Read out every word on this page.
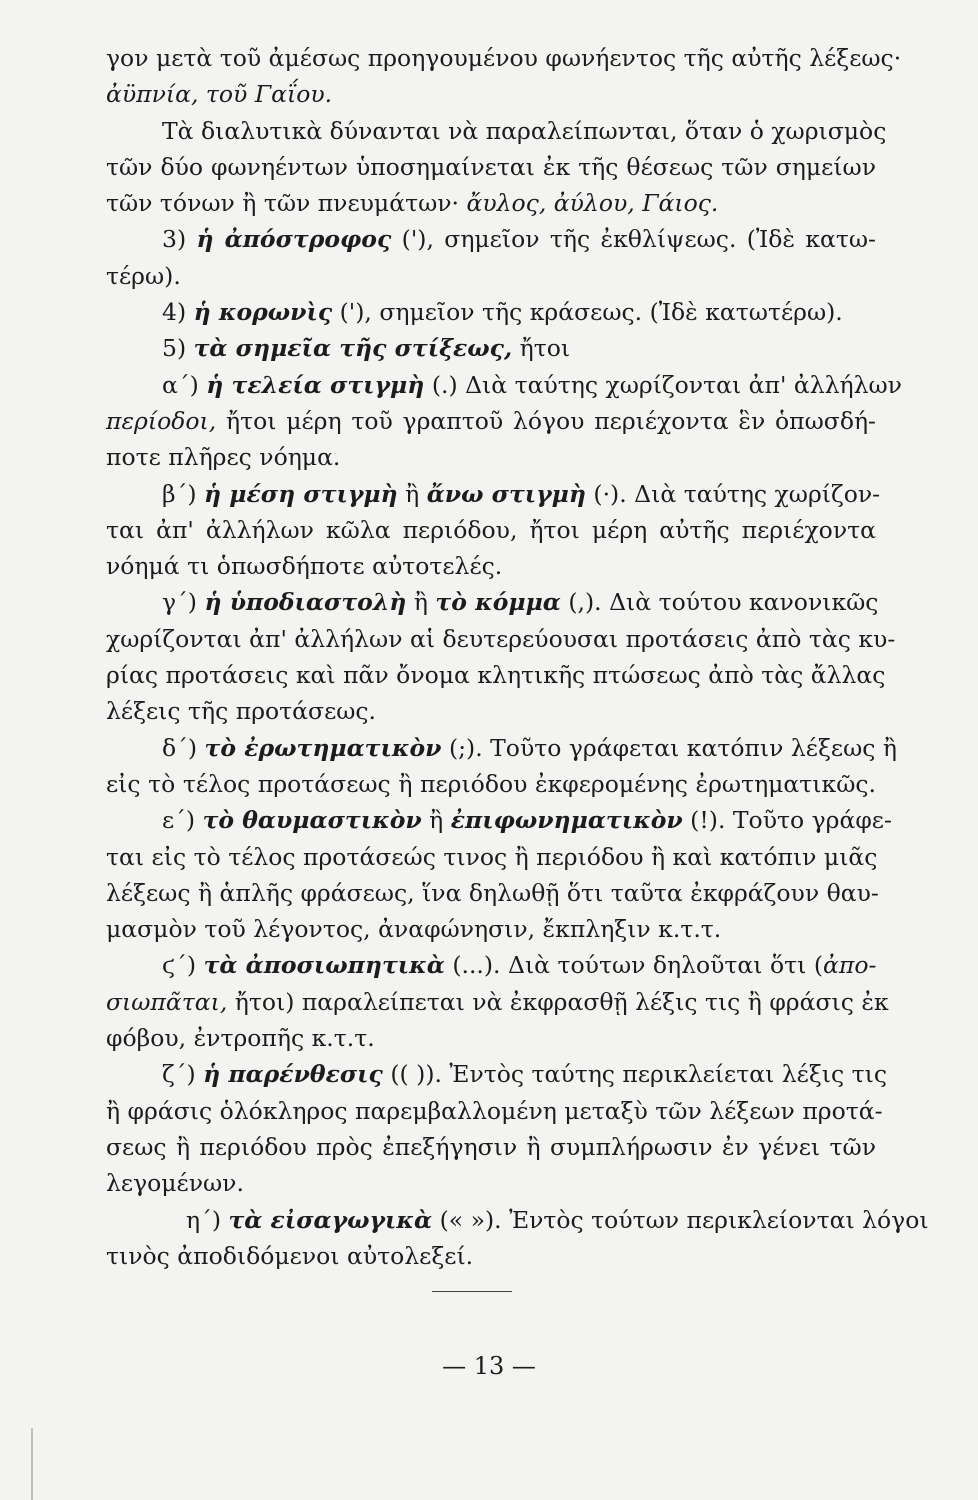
γον μετὰ τοῦ ἀμέσως προηγουμένου φωνήεντος τῆς αὐτῆς λέξεως·
ἀϋπνία, τοῦ Γαΐου.
Τὰ διαλυτικὰ δύνανται νὰ παραλείπωνται, ὅταν ὁ χωρισμὸς
τῶν δύο φωνηέντων ὑποσημαίνεται ἐκ τῆς θέσεως τῶν σημείων
τῶν τόνων ἢ τῶν πνευμάτων· ἄυλος, ἀύλου, Γάιος.
3) ἡ ἀπόστροφος ('), σημεῖον τῆς ἐκθλίψεως. (Ἰδὲ κατω-
τέρω).
4) ἡ κορωνὶς ('), σημεῖον τῆς κράσεως. (Ἰδὲ κατωτέρω).
5) τὰ σημεῖα τῆς στίξεως, ἤτοι
α΄) ἡ τελεία στιγμὴ (.) Διὰ ταύτης χωρίζονται ἀπ' ἀλλήλων
περίοδοι, ἤτοι μέρη τοῦ γραπτοῦ λόγου περιέχοντα ἓν ὁπωσδή-
ποτε πλῆρες νόημα.
β΄) ἡ μέση στιγμὴ ἢ ἄνω στιγμὴ (·). Διὰ ταύτης χωρίζον-
ται ἀπ' ἀλλήλων κῶλα περιόδου, ἤτοι μέρη αὐτῆς περιέχοντα
νόημά τι ὁπωσδήποτε αὐτοτελές.
γ΄) ἡ ὑποδιαστολὴ ἢ τὸ κόμμα (,). Διὰ τούτου κανονικῶς
χωρίζονται ἀπ' ἀλλήλων αἱ δευτερεύουσαι προτάσεις ἀπὸ τὰς κυ-
ρίας προτάσεις καὶ πᾶν ὄνομα κλητικῆς πτώσεως ἀπὸ τὰς ἄλλας
λέξεις τῆς προτάσεως.
δ΄) τὸ ἐρωτηματικὸν (;). Τοῦτο γράφεται κατόπιν λέξεως ἢ
εἰς τὸ τέλος προτάσεως ἢ περιόδου ἐκφερομένης ἐρωτηματικῶς.
ε΄) τὸ θαυμαστικὸν ἢ ἐπιφωνηματικὸν (!). Τοῦτο γράφε-
ται εἰς τὸ τέλος προτάσεώς τινος ἢ περιόδου ἢ καὶ κατόπιν μιᾶς
λέξεως ἢ ἁπλῆς φράσεως, ἵνα δηλωθῇ ὅτι ταῦτα ἐκφράζουν θαυ-
μασμὸν τοῦ λέγοντος, ἀναφώνησιν, ἔκπληξιν κ.τ.τ.
ϛ΄) τὰ ἀποσιωπητικὰ (...). Διὰ τούτων δηλοῦται ὅτι (ἀπο-
σιωπᾶται, ἤτοι) παραλείπεται νὰ ἐκφρασθῇ λέξις τις ἢ φράσις ἐκ
φόβου, ἐντροπῆς κ.τ.τ.
ζ΄) ἡ παρένθεσις (( )). Ἐντὸς ταύτης περικλείεται λέξις τις
ἢ φράσις ὁλόκληρος παρεμβαλλομένη μεταξὺ τῶν λέξεων προτά-
σεως ἢ περιόδου πρὸς ἐπεξήγησιν ἢ συμπλήρωσιν ἐν γένει τῶν
λεγομένων.
η΄) τὰ εἰσαγωγικὰ (« »). Ἐντὸς τούτων περικλείονται λόγοι
τινὸς ἀποδιδόμενοι αὐτολεξεί.
— 13 —
